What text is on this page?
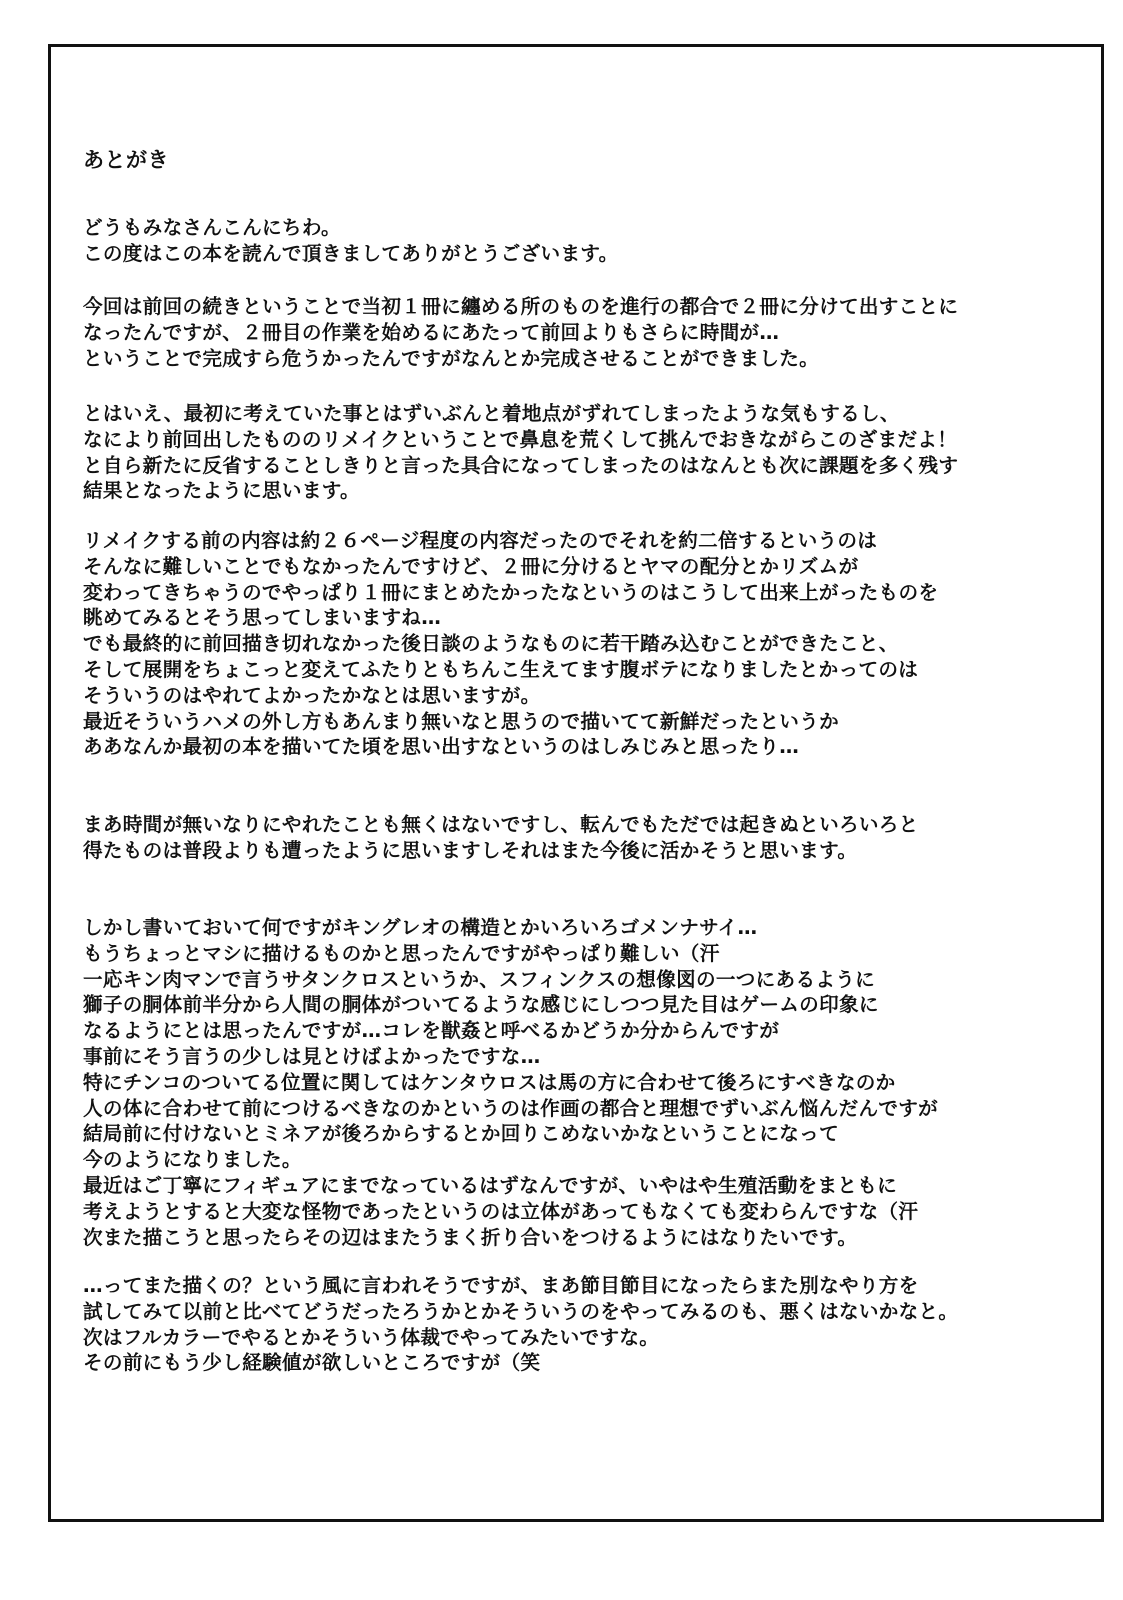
あとがき
どうもみなさんこんにちわ。
この度はこの本を読んで頂きましてありがとうございます。
今回は前回の続きということで当初１冊に纏める所のものを進行の都合で２冊に分けて出すことに
なったんですが、２冊目の作業を始めるにあたって前回よりもさらに時間が…
ということで完成すら危うかったんですがなんとか完成させることができました。
とはいえ、最初に考えていた事とはずいぶんと着地点がずれてしまったような気もするし、
なにより前回出したもののリメイクということで鼻息を荒くして挑んでおきながらこのざまだよ！
と自ら新たに反省することしきりと言った具合になってしまったのはなんとも次に課題を多く残す
結果となったように思います。
リメイクする前の内容は約２６ページ程度の内容だったのでそれを約二倍するというのは
そんなに難しいことでもなかったんですけど、２冊に分けるとヤマの配分とかリズムが
変わってきちゃうのでやっぱり１冊にまとめたかったなというのはこうして出来上がったものを
眺めてみるとそう思ってしまいますね…
でも最終的に前回描き切れなかった後日談のようなものに若干踏み込むことができたこと、
そして展開をちょこっと変えてふたりともちんこ生えてます腹ボテになりましたとかってのは
そういうのはやれてよかったかなとは思いますが。
最近そういうハメの外し方もあんまり無いなと思うので描いてて新鮮だったというか
ああなんか最初の本を描いてた頃を思い出すなというのはしみじみと思ったり…
まあ時間が無いなりにやれたことも無くはないですし、転んでもただでは起きぬといろいろと
得たものは普段よりも遭ったように思いますしそれはまた今後に活かそうと思います。
しかし書いておいて何ですがキングレオの構造とかいろいろゴメンナサイ…
もうちょっとマシに描けるものかと思ったんですがやっぱり難しい（汗
一応キン肉マンで言うサタンクロスというか、スフィンクスの想像図の一つにあるように
獅子の胴体前半分から人間の胴体がついてるような感じにしつつ見た目はゲームの印象に
なるようにとは思ったんですが…コレを獣姦と呼べるかどうか分からんですが
事前にそう言うの少しは見とけばよかったですな…
特にチンコのついてる位置に関してはケンタウロスは馬の方に合わせて後ろにすべきなのか
人の体に合わせて前につけるべきなのかというのは作画の都合と理想でずいぶん悩んだんですが
結局前に付けないとミネアが後ろからするとか回りこめないかなということになって
今のようになりました。
最近はご丁寧にフィギュアにまでなっているはずなんですが、いやはや生殖活動をまともに
考えようとすると大変な怪物であったというのは立体があってもなくても変わらんですな（汗
次また描こうと思ったらその辺はまたうまく折り合いをつけるようにはなりたいです。
…ってまた描くの？という風に言われそうですが、まあ節目節目になったらまた別なやり方を
試してみて以前と比べてどうだったろうかとかそういうのをやってみるのも、悪くはないかなと。
次はフルカラーでやるとかそういう体裁でやってみたいですな。
その前にもう少し経験値が欲しいところですが（笑
